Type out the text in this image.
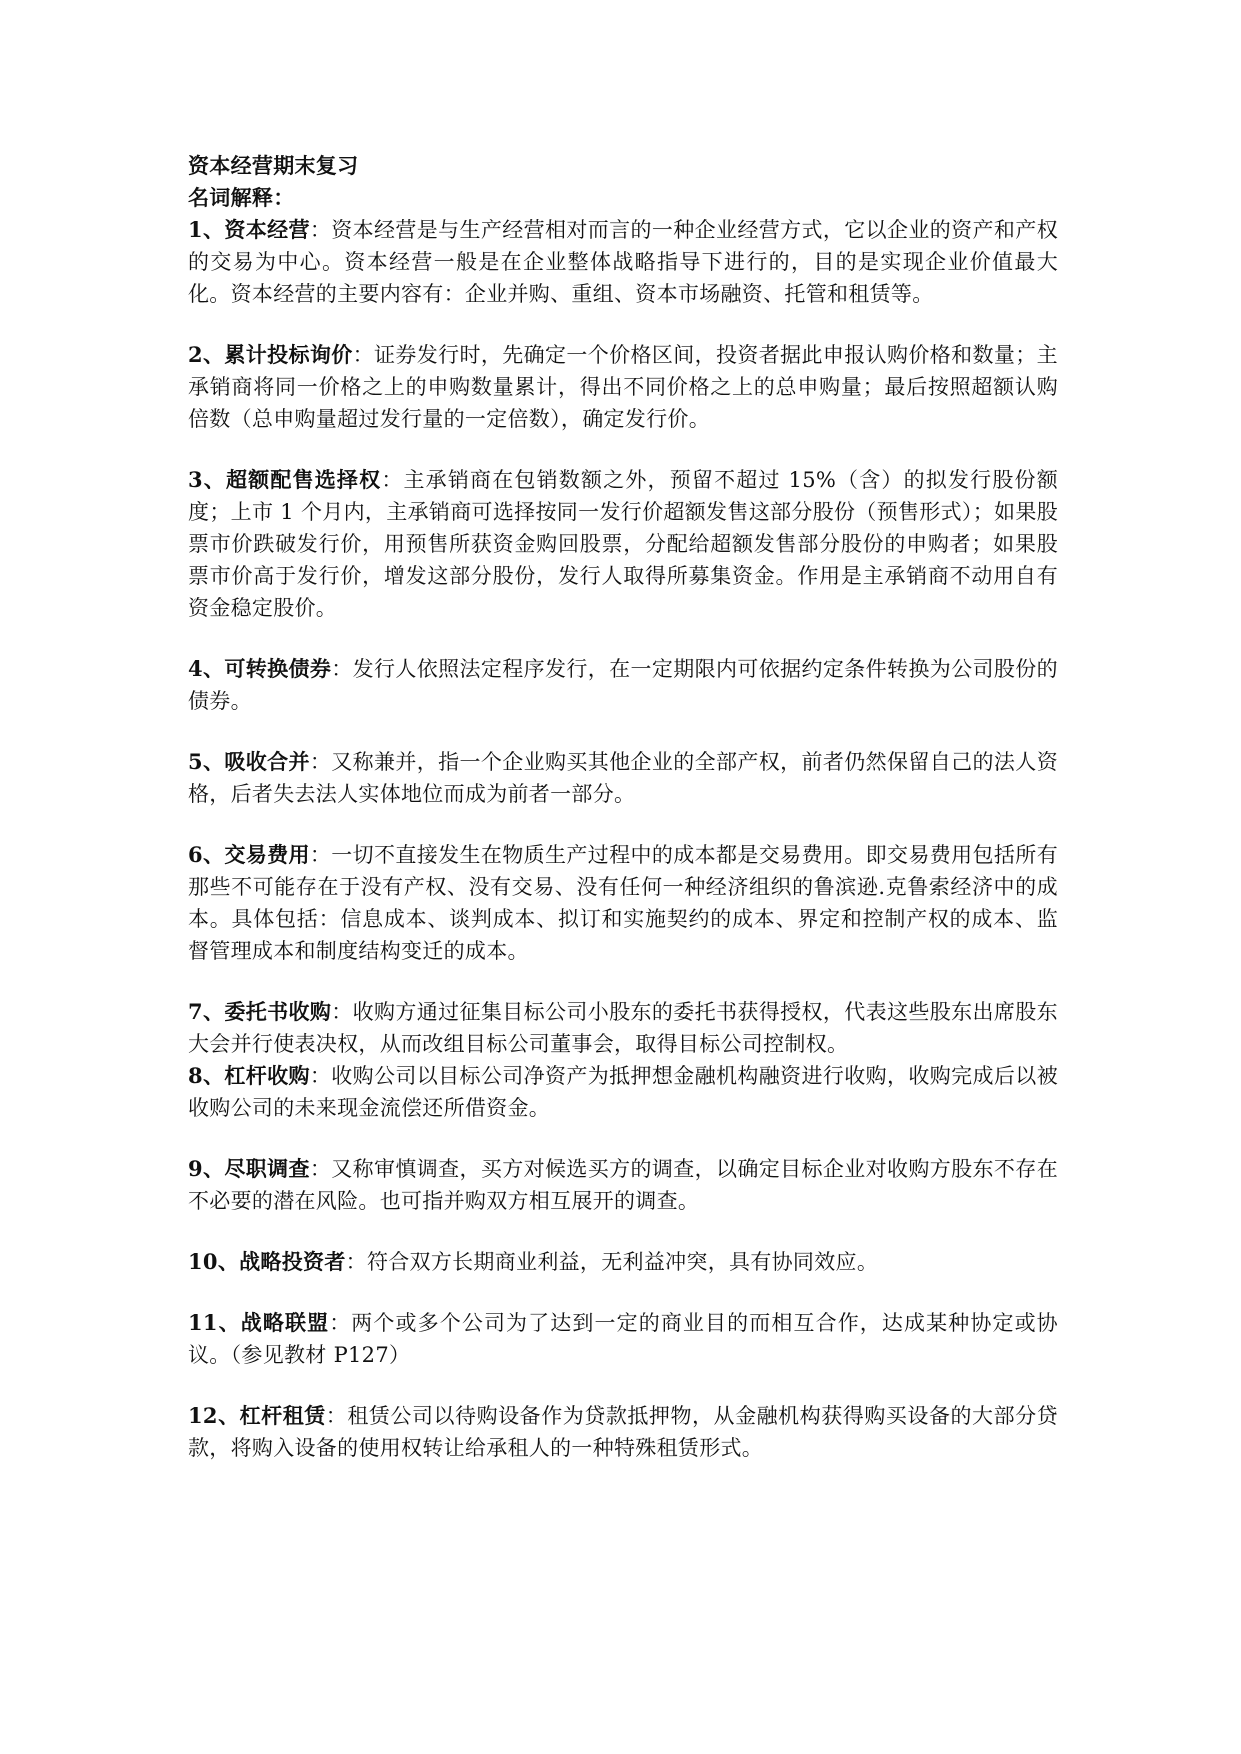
资本经营期末复习
名词解释：

1、资本经营：资本经营是与生产经营相对而言的一种企业经营方式，它以企业的资产和产权的交易为中心。资本经营一般是在企业整体战略指导下进行的，目的是实现企业价值最大化。资本经营的主要内容有：企业并购、重组、资本市场融资、托管和租赁等。

2、累计投标询价：证券发行时，先确定一个价格区间，投资者据此申报认购价格和数量；主承销商将同一价格之上的申购数量累计，得出不同价格之上的总申购量；最后按照超额认购倍数（总申购量超过发行量的一定倍数），确定发行价。

3、超额配售选择权：主承销商在包销数额之外，预留不超过 15%（含）的拟发行股份额度；上市 1 个月内，主承销商可选择按同一发行价超额发售这部分股份（预售形式）；如果股票市价跌破发行价，用预售所获资金购回股票，分配给超额发售部分股份的申购者；如果股票市价高于发行价，增发这部分股份，发行人取得所募集资金。作用是主承销商不动用自有资金稳定股价。

4、可转换债券：发行人依照法定程序发行，在一定期限内可依据约定条件转换为公司股份的债券。

5、吸收合并：又称兼并，指一个企业购买其他企业的全部产权，前者仍然保留自己的法人资格，后者失去法人实体地位而成为前者一部分。

6、交易费用：一切不直接发生在物质生产过程中的成本都是交易费用。即交易费用包括所有那些不可能存在于没有产权、没有交易、没有任何一种经济组织的鲁滨逊.克鲁索经济中的成本。具体包括：信息成本、谈判成本、拟订和实施契约的成本、界定和控制产权的成本、监督管理成本和制度结构变迁的成本。

7、委托书收购：收购方通过征集目标公司小股东的委托书获得授权，代表这些股东出席股东大会并行使表决权，从而改组目标公司董事会，取得目标公司控制权。

8、杠杆收购：收购公司以目标公司净资产为抵押想金融机构融资进行收购，收购完成后以被收购公司的未来现金流偿还所借资金。

9、尽职调查：又称审慎调查，买方对候选买方的调查，以确定目标企业对收购方股东不存在不必要的潜在风险。也可指并购双方相互展开的调查。

10、战略投资者：符合双方长期商业利益，无利益冲突，具有协同效应。

11、战略联盟：两个或多个公司为了达到一定的商业目的而相互合作，达成某种协定或协议。（参见教材 P127）

12、杠杆租赁：租赁公司以待购设备作为贷款抵押物，从金融机构获得购买设备的大部分贷款，将购入设备的使用权转让给承租人的一种特殊租赁形式。
